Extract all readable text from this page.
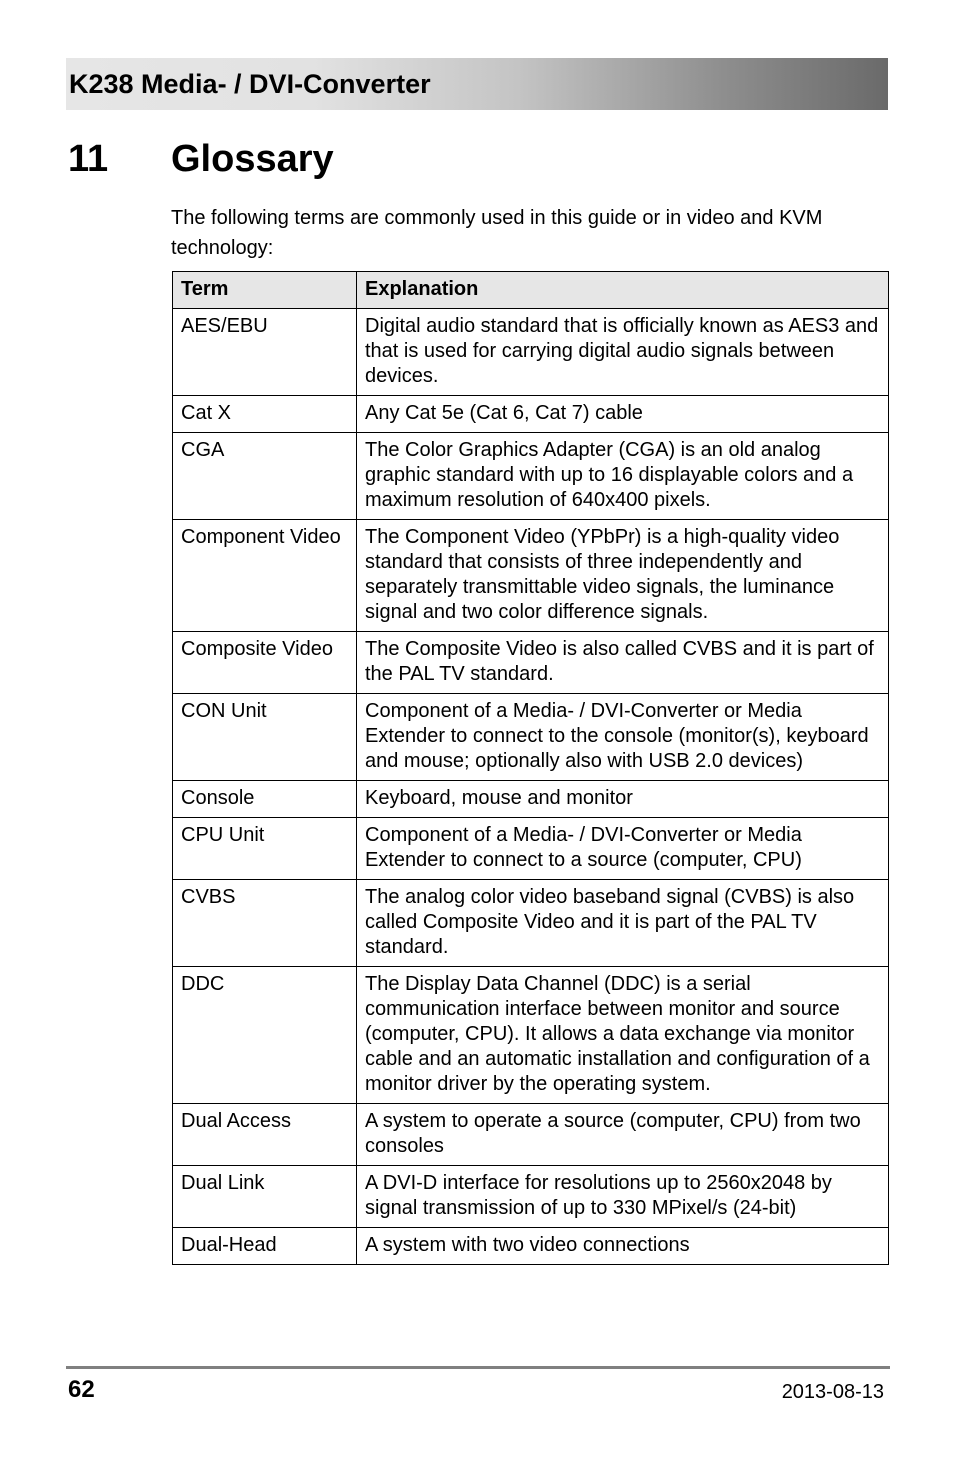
K238 Media- / DVI-Converter
11 Glossary
The following terms are commonly used in this guide or in video and KVM technology:
Term	Explanation
AES/EBU	Digital audio standard that is officially known as AES3 and that is used for carrying digital audio signals between devices.
Cat X	Any Cat 5e (Cat 6, Cat 7) cable
CGA	The Color Graphics Adapter (CGA) is an old analog graphic standard with up to 16 displayable colors and a maximum resolution of 640x400 pixels.
Component Video	The Component Video (YPbPr) is a high-quality video standard that consists of three independently and separately transmittable video signals, the luminance signal and two color difference signals.
Composite Video	The Composite Video is also called CVBS and it is part of the PAL TV standard.
CON Unit	Component of a Media- / DVI-Converter or Media Extender to connect to the console (monitor(s), keyboard and mouse; optionally also with USB 2.0 devices)
Console	Keyboard, mouse and monitor
CPU Unit	Component of a Media- / DVI-Converter or Media Extender to connect to a source (computer, CPU)
CVBS	The analog color video baseband signal (CVBS) is also called Composite Video and it is part of the PAL TV standard.
DDC	The Display Data Channel (DDC) is a serial communication interface between monitor and source (computer, CPU). It allows a data exchange via monitor cable and an automatic installation and configuration of a monitor driver by the operating system.
Dual Access	A system to operate a source (computer, CPU) from two consoles
Dual Link	A DVI-D interface for resolutions up to 2560x2048 by signal transmission of up to 330 MPixel/s (24-bit)
Dual-Head	A system with two video connections
62	2013-08-13
